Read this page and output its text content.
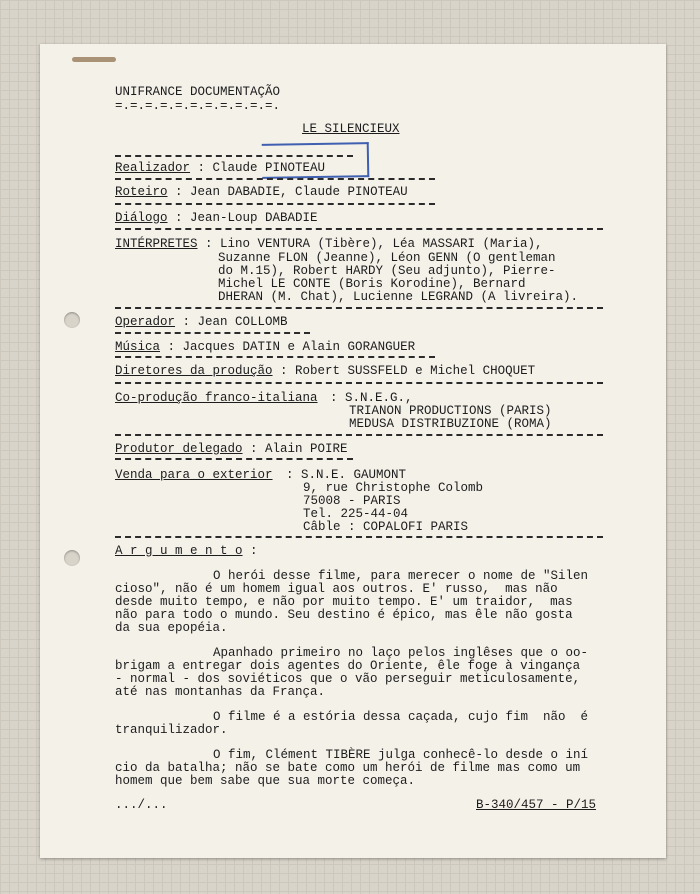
UNIFRANCE DOCUMENTAÇÃO
=.=.=.=.=.=.=.=.=.=.=.
LE SILENCIEUX
Realizador : Claude PINOTEAU
Roteiro : Jean DABADIE, Claude PINOTEAU
Diálogo : Jean-Loup DABADIE
INTÉRPRETES : Lino VENTURA (Tibère), Léa MASSARI (Maria),
Suzanne FLON (Jeanne), Léon GENN (O gentleman
do M.15), Robert HARDY (Seu adjunto), Pierre-
Michel LE CONTE (Boris Korodine), Bernard
DHERAN (M. Chat), Lucienne LEGRAND (A livreira).
Operador : Jean COLLOMB
Música : Jacques DATIN e Alain GORANGUER
Diretores da produção : Robert SUSSFELD e Michel CHOQUET
Co-produção franco-italiana : S.N.E.G.,
TRIANON PRODUCTIONS (PARIS)
MEDUSA DISTRIBUZIONE (ROMA)
Produtor delegado : Alain POIRE
Venda para o exterior : S.N.E. GAUMONT
9, rue Christophe Colomb
75008 - PARIS
Tel. 225-44-04
Câble : COPALOFI PARIS
A r g u m e n t o :
O herói desse filme, para merecer o nome de "Silen
cioso", não é um homem igual aos outros. E' russo,  mas não
desde muito tempo, e não por muito tempo. E' um traidor,  mas
não para todo o mundo. Seu destino é épico, mas êle não gosta
da sua epopéia.
Apanhado primeiro no laço pelos inglêses que o oo-
brigam a entregar dois agentes do Oriente, êle foge à vingança
- normal - dos soviéticos que o vão perseguir meticulosamente,
até nas montanhas da França.
O filme é a estória dessa caçada, cujo fim  não  é
tranquilizador.
O fim, Clément TIBÈRE julga conhecê-lo desde o iní
cio da batalha; não se bate como um herói de filme mas como um
homem que bem sabe que sua morte começa.
.../...	B-340/457 - P/15
